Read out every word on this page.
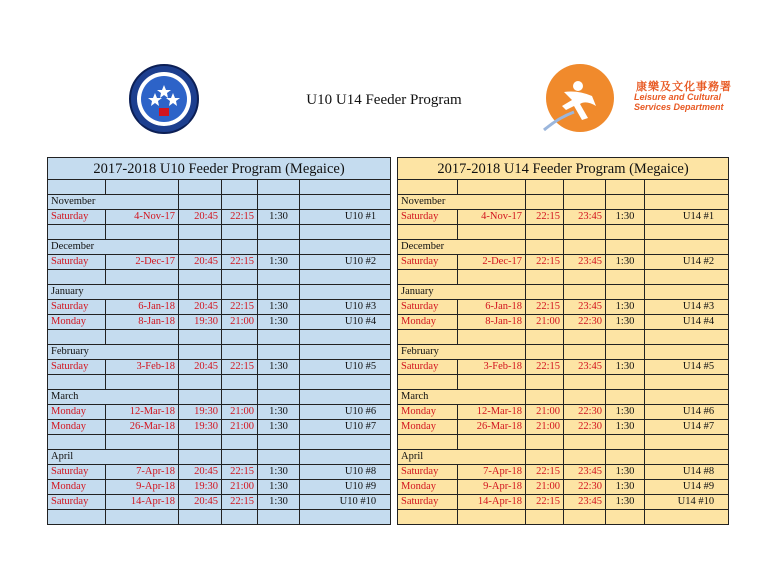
U10 U14 Feeder Program
康樂及文化事務署
Leisure and Cultural
Services Department
2017-2018 U10 Feeder Program (Megaice)					

November					
Saturday	4-Nov-17	20:45	22:15	1:30	U10 #1

December					
Saturday	2-Dec-17	20:45	22:15	1:30	U10 #2

January					
Saturday	6-Jan-18	20:45	22:15	1:30	U10 #3
Monday	8-Jan-18	19:30	21:00	1:30	U10 #4

February					
Saturday	3-Feb-18	20:45	22:15	1:30	U10 #5

March					
Monday	12-Mar-18	19:30	21:00	1:30	U10 #6
Monday	26-Mar-18	19:30	21:00	1:30	U10 #7

April					
Saturday	7-Apr-18	20:45	22:15	1:30	U10 #8
Monday	9-Apr-18	19:30	21:00	1:30	U10 #9
Saturday	14-Apr-18	20:45	22:15	1:30	U10 #10

2017-2018 U14 Feeder Program (Megaice)					

November					
Saturday	4-Nov-17	22:15	23:45	1:30	U14 #1

December					
Saturday	2-Dec-17	22:15	23:45	1:30	U14 #2

January					
Saturday	6-Jan-18	22:15	23:45	1:30	U14 #3
Monday	8-Jan-18	21:00	22:30	1:30	U14 #4

February					
Saturday	3-Feb-18	22:15	23:45	1:30	U14 #5

March					
Monday	12-Mar-18	21:00	22:30	1:30	U14 #6
Monday	26-Mar-18	21:00	22:30	1:30	U14 #7

April					
Saturday	7-Apr-18	22:15	23:45	1:30	U14 #8
Monday	9-Apr-18	21:00	22:30	1:30	U14 #9
Saturday	14-Apr-18	22:15	23:45	1:30	U14 #10
